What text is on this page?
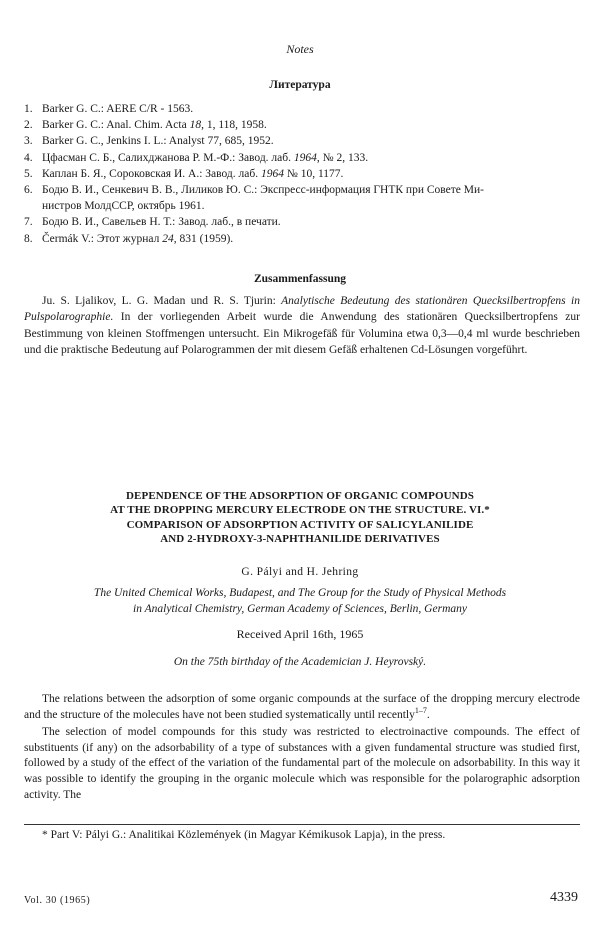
Notes
Литература
1. Barker G. C.: AERE C/R - 1563.
2. Barker G. C.: Anal. Chim. Acta 18, 1, 118, 1958.
3. Barker G. C., Jenkins I. L.: Analyst 77, 685, 1952.
4. Цфасман С. Б., Салихджанова Р. М.-Ф.: Завод. лаб. 1964, № 2, 133.
5. Каплан Б. Я., Сороковская И. А.: Завод. лаб. 1964 № 10, 1177.
6. Бодю В. И., Сенкевич В. В., Лиликов Ю. С.: Экспресс-информация ГНТК при Совете Ми-
нистров МолдССР, октябрь 1961.
7. Бодю В. И., Савельев Н. Т.: Завод. лаб., в печати.
8. Čermák V.: Этот журнал 24, 831 (1959).
Zusammenfassung

Ju. S. Ljalikov, L. G. Madan und R. S. Tjurin: Analytische Bedeutung des stationären Quecksilbertropfens in Pulspolarographie. In der vorliegenden Arbeit wurde die Anwendung des stationären Quecksilbertropfens zur Bestimmung von kleinen Stoffmengen untersucht. Ein Mikrogefäß für Volumina etwa 0,3—0,4 ml wurde beschrieben und die praktische Bedeutung auf Polarogrammen der mit diesem Gefäß erhaltenen Cd-Lösungen vorgeführt.

DEPENDENCE OF THE ADSORPTION OF ORGANIC COMPOUNDS
AT THE DROPPING MERCURY ELECTRODE ON THE STRUCTURE. VI.*
COMPARISON OF ADSORPTION ACTIVITY OF SALICYLANILIDE
AND 2-HYDROXY-3-NAPHTHANILIDE DERIVATIVES
G. Pályi and H. Jehring
The United Chemical Works, Budapest, and The Group for the Study of Physical Methods
in Analytical Chemistry, German Academy of Sciences, Berlin, Germany
Received April 16th, 1965
On the 75th birthday of the Academician J. Heyrovský.

The relations between the adsorption of some organic compounds at the surface of the dropping mercury electrode and the structure of the molecules have not been studied systematically until recently$^{1-7}$.

The selection of model compounds for this study was restricted to electroinactive compounds. The effect of substituents (if any) on the adsorbability of a type of substances with a given fundamental structure was studied first, followed by a study of the effect of the variation of the fundamental part of the molecule on adsorbability. In this way it was possible to identify the grouping in the organic molecule which was responsible for the polarographic adsorption activity. The

* Part V: Pályi G.: Analitikai Közlemények (in Magyar Kémikusok Lapja), in the press.
Vol. 30 (1965)	4339
